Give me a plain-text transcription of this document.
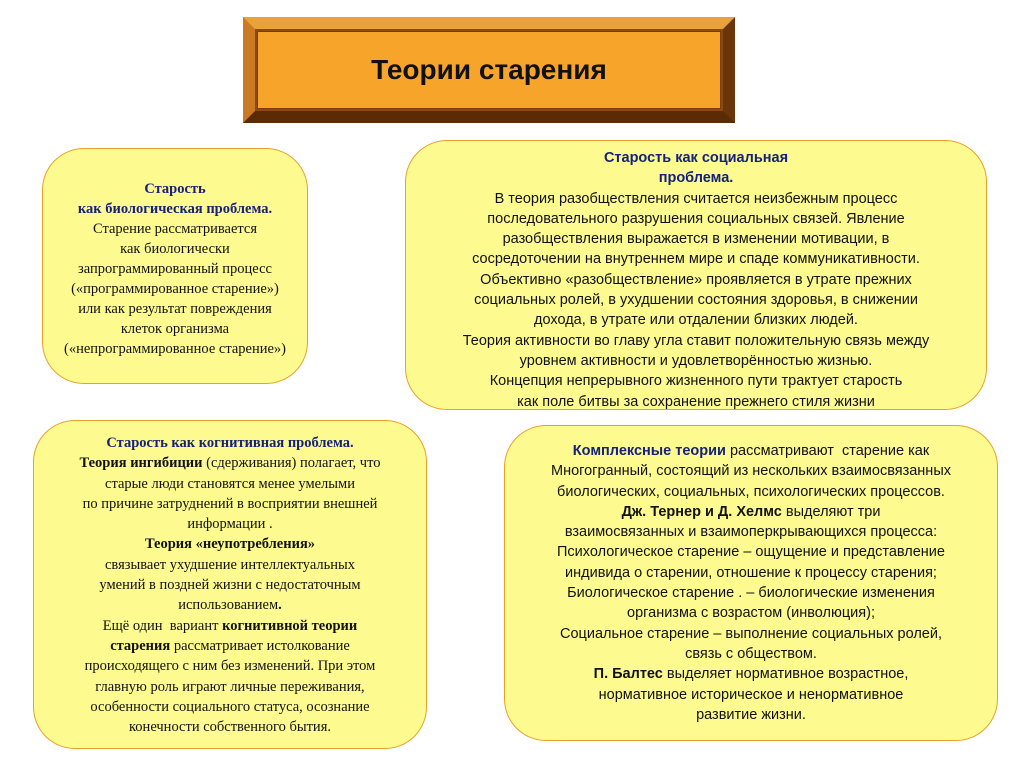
Теории старения
Старость
как биологическая проблема.
Старение рассматривается
как биологически
запрограммированный процесс
(«программированное старение»)
или как результат повреждения
клеток организма
(«непрограммированное старение»)
Старость как социальная
проблема.
В теория разобществления считается неизбежным процесс
последовательного разрушения социальных связей. Явление
разобществления выражается в изменении мотивации, в
сосредоточении на внутреннем мире и спаде коммуникативности.
Объективно «разобществление» проявляется в утрате прежних
социальных ролей, в ухудшении состояния здоровья, в снижении
дохода, в утрате или отдалении близких людей.
Теория активности во главу угла ставит положительную связь между
уровнем активности и удовлетворённостью жизнью.
Концепция непрерывного жизненного пути трактует старость
как поле битвы за сохранение прежнего стиля жизни
Старость как когнитивная проблема.
Теория ингибиции (сдерживания) полагает, что
старые люди становятся менее умелыми
по причине затруднений в восприятии внешней
информации .
Теория «неупотребления»
связывает ухудшение интеллектуальных
умений в поздней жизни с недостаточным
использованием.
Ещё один  вариант когнитивной теории
старения рассматривает истолкование
происходящего с ним без изменений. При этом
главную роль играют личные переживания,
особенности социального статуса, осознание
конечности собственного бытия.
Комплексные теории рассматривают  старение как
Многогранный, состоящий из нескольких взаимосвязанных
биологических, социальных, психологических процессов.
Дж. Тернер и Д. Хелмс выделяют три
взаимосвязанных и взаимоперкрывающихся процесса:
Психологическое старение – ощущение и представление
индивида о старении, отношение к процессу старения;
Биологическое старение . – биологические изменения
организма с возрастом (инволюция);
Социальное старение – выполнение социальных ролей,
связь с обществом.
П. Балтес выделяет нормативное возрастное,
нормативное историческое и ненормативное
развитие жизни.
